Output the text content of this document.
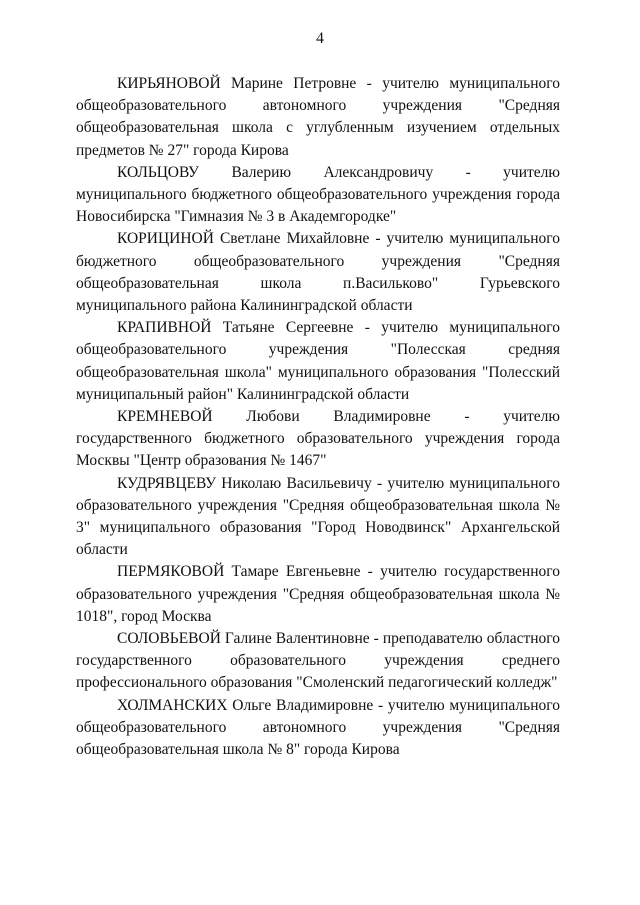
4

КИРЬЯНОВОЙ Марине Петровне - учителю муниципального общеобразовательного автономного учреждения "Средняя общеобразовательная школа с углубленным изучением отдельных предметов № 27" города Кирова

КОЛЬЦОВУ Валерию Александровичу - учителю муниципального бюджетного общеобразовательного учреждения города Новосибирска "Гимназия № 3 в Академгородке"

КОРИЦИНОЙ Светлане Михайловне - учителю муниципального бюджетного общеобразовательного учреждения "Средняя общеобразовательная школа п.Васильково" Гурьевского муниципального района Калининградской области

КРАПИВНОЙ Татьяне Сергеевне - учителю муниципального общеобразовательного учреждения "Полесская средняя общеобразовательная школа" муниципального образования "Полесский муниципальный район" Калининградской области

КРЕМНЕВОЙ Любови Владимировне - учителю государственного бюджетного образовательного учреждения города Москвы "Центр образования № 1467"

КУДРЯВЦЕВУ Николаю Васильевичу - учителю муниципального образовательного учреждения "Средняя общеобразовательная школа № 3" муниципального образования "Город Новодвинск" Архангельской области

ПЕРМЯКОВОЙ Тамаре Евгеньевне - учителю государственного образовательного учреждения "Средняя общеобразовательная школа № 1018", город Москва

СОЛОВЬЕВОЙ Галине Валентиновне - преподавателю областного государственного образовательного учреждения среднего профессионального образования "Смоленский педагогический колледж"

ХОЛМАНСКИХ Ольге Владимировне - учителю муниципального общеобразовательного автономного учреждения "Средняя общеобразовательная школа № 8" города Кирова
